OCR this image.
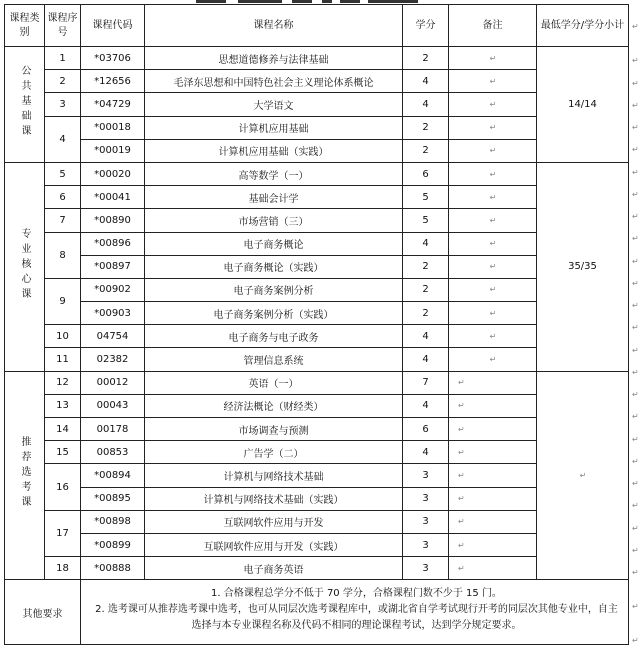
课程类别	课程序号	课程代码	课程名称	学分	备注	最低学分/学分小计
公共基础课	1	*03706	思想道德修养与法律基础	2	↵	14/14
	2	*12656	毛泽东思想和中国特色社会主义理论体系概论	4	↵	
	3	*04729	大学语文	4	↵	
	4	*00018	计算机应用基础	2	↵	
		*00019	计算机应用基础（实践）	2	↵	
专业核心课	5	*00020	高等数学（一）	6	↵	35/35
	6	*00041	基础会计学	5	↵	
	7	*00890	市场营销（三）	5	↵	
	8	*00896	电子商务概论	4	↵	
		*00897	电子商务概论（实践）	2	↵	
	9	*00902	电子商务案例分析	2	↵	
		*00903	电子商务案例分析（实践）	2	↵	
	10	04754	电子商务与电子政务	4	↵	
	11	02382	管理信息系统	4	↵	
推荐选考课	12	00012	英语（一）	7	↵	↵
	13	00043	经济法概论（财经类）	4	↵	
	14	00178	市场调查与预测	6	↵	
	15	00853	广告学（二）	4	↵	
	16	*00894	计算机与网络技术基础	3	↵	
		*00895	计算机与网络技术基础（实践）	3	↵	
	17	*00898	互联网软件应用与开发	3	↵	
		*00899	互联网软件应用与开发（实践）	3	↵	
	18	*00888	电子商务英语	3	↵	
其他要求		1. 合格课程总学分不低于 70 学分，合格课程门数不少于 15 门。
2. 选考课可从推荐选考课中选考，也可从同层次选考课程库中，或湖北省自学考试现行开考的同层次其他专业中，自主选择与本专业课程名称及代码不相同的理论课程考试，达到学分规定要求。				
↵
↵
↵
↵
↵
↵
↵
↵
↵
↵
↵
↵
↵
↵
↵
↵
↵
↵
↵
↵
↵
↵
↵
↵
↵
↵
↵
